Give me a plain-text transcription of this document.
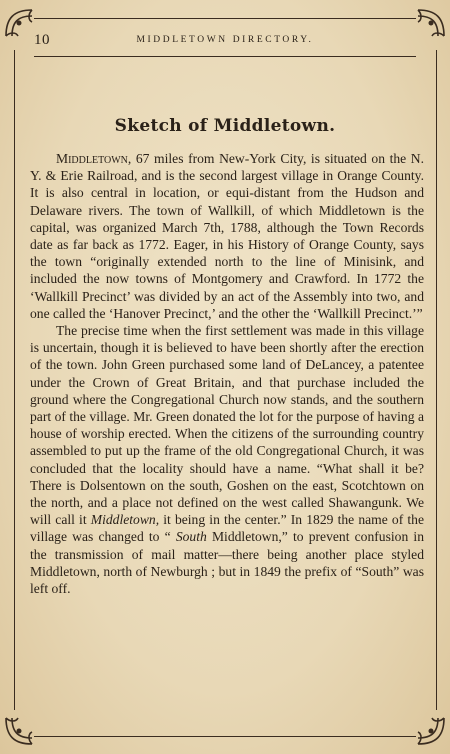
10	MIDDLETOWN DIRECTORY.
Sketch of Middletown.

Middletown, 67 miles from New-York City, is situated on the N. Y. & Erie Railroad, and is the second largest village in Orange County. It is also central in location, or equi-distant from the Hudson and Delaware rivers. The town of Wallkill, of which Middletown is the capital, was organized March 7th, 1788, although the Town Records date as far back as 1772. Eager, in his History of Orange County, says the town “originally extended north to the line of Minisink, and included the now towns of Montgomery and Crawford. In 1772 the ‘Wallkill Precinct’ was divided by an act of the Assembly into two, and one called the ‘Hanover Precinct,’ and the other the ‘Wallkill Precinct.’”

The precise time when the first settlement was made in this village is uncertain, though it is believed to have been shortly after the erection of the town. John Green purchased some land of DeLancey, a patentee under the Crown of Great Britain, and that purchase included the ground where the Congregational Church now stands, and the southern part of the village. Mr. Green donated the lot for the purpose of having a house of worship erected. When the citizens of the surrounding country assembled to put up the frame of the old Congregational Church, it was concluded that the locality should have a name. “What shall it be? There is Dolsentown on the south, Goshen on the east, Scotchtown on the north, and a place not defined on the west called Shawangunk. We will call it Middletown, it being in the center.” In 1829 the name of the village was changed to “ South Middletown,” to prevent confusion in the transmission of mail matter—there being another place styled Middletown, north of Newburgh ; but in 1849 the prefix of “South” was left off.
